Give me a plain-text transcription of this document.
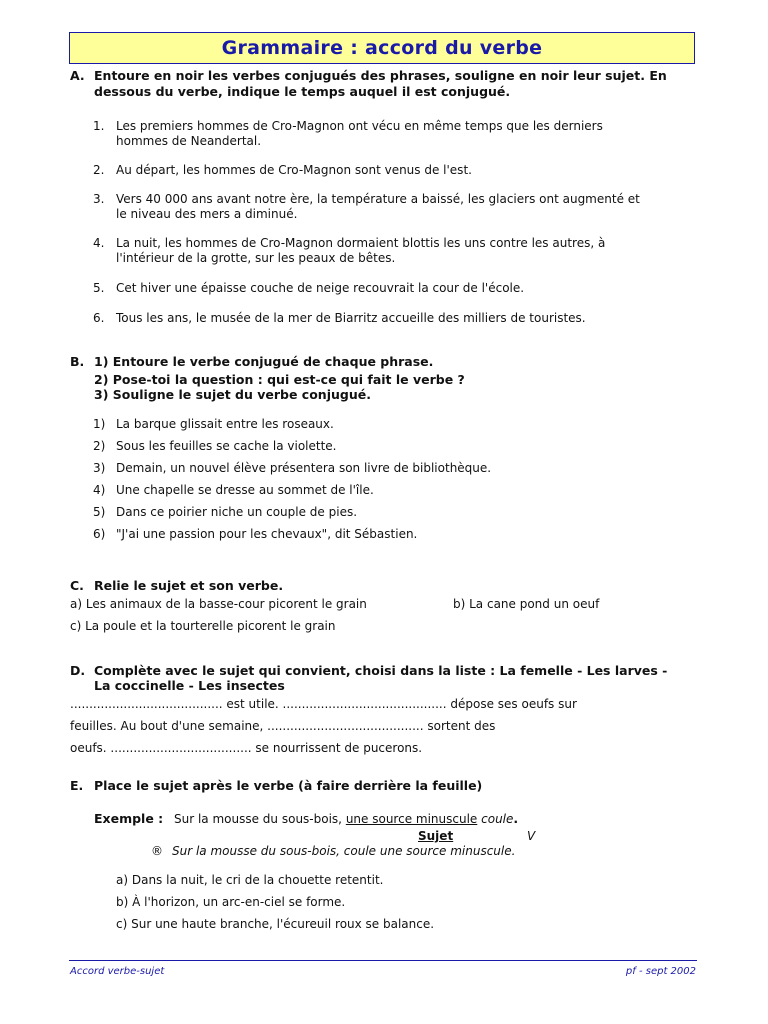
Grammaire : accord du verbe
A. Entoure en noir les verbes conjugués des phrases, souligne en noir leur sujet. En
dessous du verbe, indique le temps auquel il est conjugué.
1. Les premiers hommes de Cro-Magnon ont vécu en même temps que les derniers
hommes de Neandertal.
2. Au départ, les hommes de Cro-Magnon sont venus de l'est.
3. Vers 40 000 ans avant notre ère, la température a baissé, les glaciers ont augmenté et
le niveau des mers a diminué.
4. La nuit, les hommes de Cro-Magnon dormaient blottis les uns contre les autres, à
l'intérieur de la grotte, sur les peaux de bêtes.
5. Cet hiver une épaisse couche de neige recouvrait la cour de l'école.
6. Tous les ans, le musée de la mer de Biarritz accueille des milliers de touristes.
B. 1) Entoure le verbe conjugué de chaque phrase.
2) Pose-toi la question : qui est-ce qui fait le verbe ?
3) Souligne le sujet du verbe conjugué.
1) La barque glissait entre les roseaux.
2) Sous les feuilles se cache la violette.
3) Demain, un nouvel élève présentera son livre de bibliothèque.
4) Une chapelle se dresse au sommet de l'île.
5) Dans ce poirier niche un couple de pies.
6) "J'ai une passion pour les chevaux", dit Sébastien.
C. Relie le sujet et son verbe.
a) Les animaux de la basse-cour picorent le grain	b) La cane pond un oeuf
c) La poule et la tourterelle picorent le grain
D. Complète avec le sujet qui convient, choisi dans la liste : La femelle - Les larves -
La coccinelle - Les insectes
........................................ est utile. ........................................... dépose ses oeufs sur
feuilles. Au bout d'une semaine, ......................................... sortent des
oeufs. ..................................... se nourrissent de pucerons.
E. Place le sujet après le verbe (à faire derrière la feuille)
Exemple : Sur la mousse du sous-bois, une source minuscule coule.
Sujet	V
® Sur la mousse du sous-bois, coule une source minuscule.
a) Dans la nuit, le cri de la chouette retentit.
b) À l'horizon, un arc-en-ciel se forme.
c) Sur une haute branche, l'écureuil roux se balance.
Accord verbe-sujet	pf - sept 2002
